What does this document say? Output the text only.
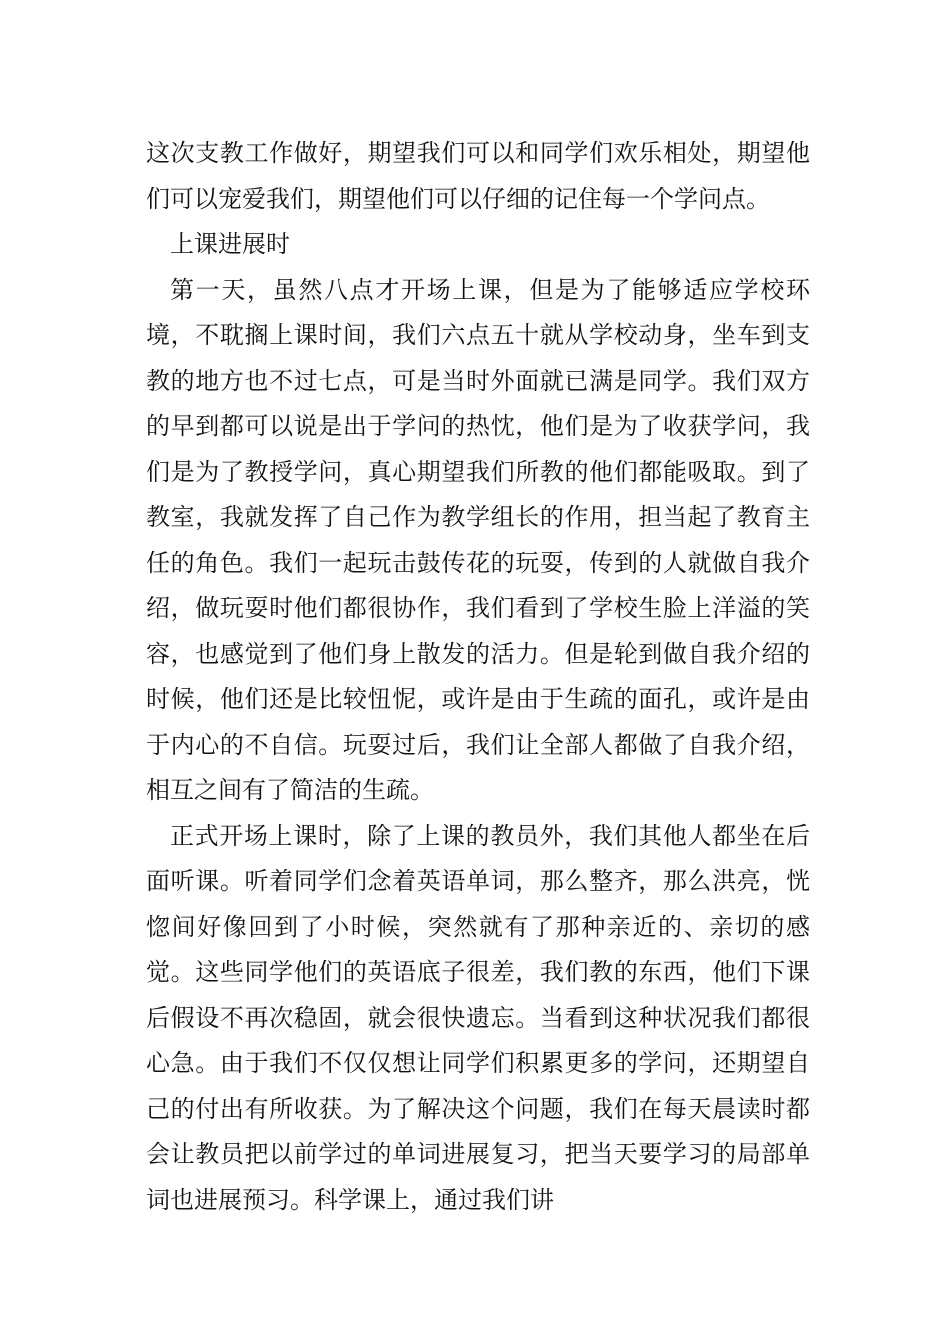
这次支教工作做好，期望我们可以和同学们欢乐相处，期望他们可以宠爱我们，期望他们可以仔细的记住每一个学问点。

上课进展时

第一天，虽然八点才开场上课，但是为了能够适应学校环境，不耽搁上课时间，我们六点五十就从学校动身，坐车到支教的地方也不过七点，可是当时外面就已满是同学。我们双方的早到都可以说是出于学问的热忱，他们是为了收获学问，我们是为了教授学问，真心期望我们所教的他们都能吸取。到了教室，我就发挥了自己作为教学组长的作用，担当起了教育主任的角色。我们一起玩击鼓传花的玩耍，传到的人就做自我介绍，做玩耍时他们都很协作，我们看到了学校生脸上洋溢的笑容，也感觉到了他们身上散发的活力。但是轮到做自我介绍的时候，他们还是比较忸怩，或许是由于生疏的面孔，或许是由于内心的不自信。玩耍过后，我们让全部人都做了自我介绍，相互之间有了简洁的生疏。

正式开场上课时，除了上课的教员外，我们其他人都坐在后面听课。听着同学们念着英语单词，那么整齐，那么洪亮，恍惚间好像回到了小时候，突然就有了那种亲近的、亲切的感觉。这些同学他们的英语底子很差，我们教的东西，他们下课后假设不再次稳固，就会很快遗忘。当看到这种状况我们都很心急。由于我们不仅仅想让同学们积累更多的学问，还期望自己的付出有所收获。为了解决这个问题，我们在每天晨读时都会让教员把以前学过的单词进展复习，把当天要学习的局部单词也进展预习。科学课上，通过我们讲
